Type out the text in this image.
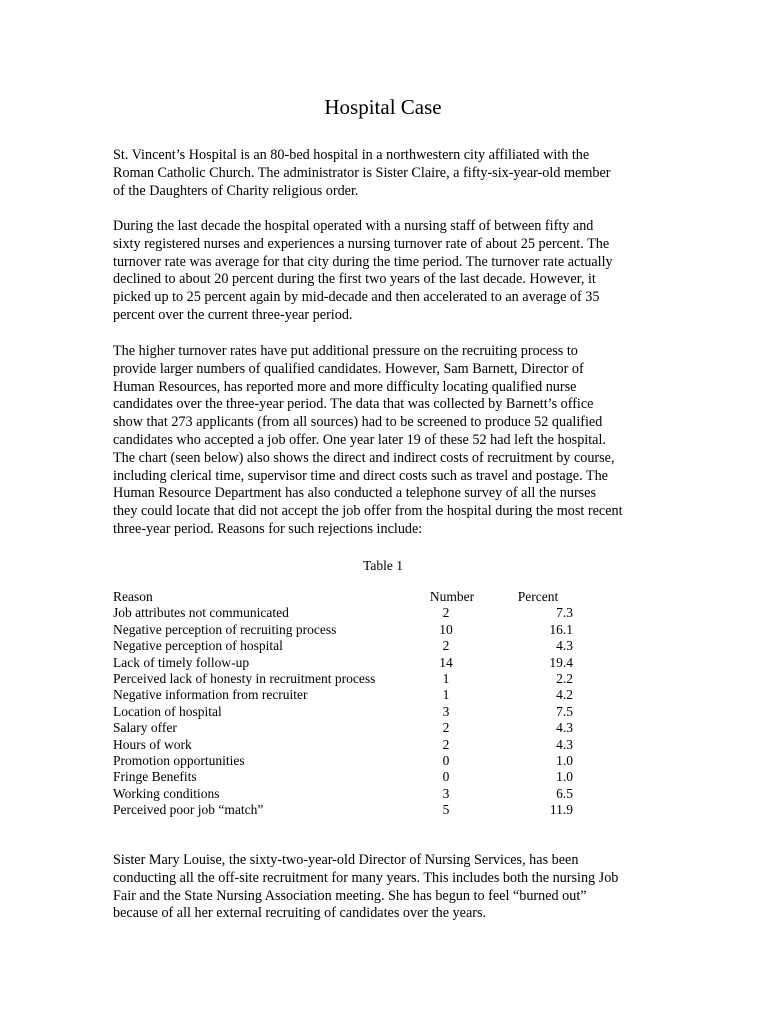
Hospital Case
St. Vincent’s Hospital is an 80-bed hospital in a northwestern city affiliated with the
Roman Catholic Church. The administrator is Sister Claire, a fifty-six-year-old member
of the Daughters of Charity religious order.
During the last decade the hospital operated with a nursing staff of between fifty and
sixty registered nurses and experiences a nursing turnover rate of about 25 percent. The
turnover rate was average for that city during the time period. The turnover rate actually
declined to about 20 percent during the first two years of the last decade. However, it
picked up to 25 percent again by mid-decade and then accelerated to an average of 35
percent over the current three-year period.
The higher turnover rates have put additional pressure on the recruiting process to
provide larger numbers of qualified candidates. However, Sam Barnett, Director of
Human Resources, has reported more and more difficulty locating qualified nurse
candidates over the three-year period. The data that was collected by Barnett’s office
show that 273 applicants (from all sources) had to be screened to produce 52 qualified
candidates who accepted a job offer. One year later 19 of these 52 had left the hospital.
The chart (seen below) also shows the direct and indirect costs of recruitment by course,
including clerical time, supervisor time and direct costs such as travel and postage. The
Human Resource Department has also conducted a telephone survey of all the nurses
they could locate that did not accept the job offer from the hospital during the most recent
three-year period. Reasons for such rejections include:
Table 1
Reason	Number	Percent
Job attributes not communicated	2	7.3
Negative perception of recruiting process	10	16.1
Negative perception of hospital	2	4.3
Lack of timely follow-up	14	19.4
Perceived lack of honesty in recruitment process	1	2.2
Negative information from recruiter	1	4.2
Location of hospital	3	7.5
Salary offer	2	4.3
Hours of work	2	4.3
Promotion opportunities	0	1.0
Fringe Benefits	0	1.0
Working conditions	3	6.5
Perceived poor job “match”	5	11.9
Sister Mary Louise, the sixty-two-year-old Director of Nursing Services, has been
conducting all the off-site recruitment for many years. This includes both the nursing Job
Fair and the State Nursing Association meeting. She has begun to feel “burned out”
because of all her external recruiting of candidates over the years.
